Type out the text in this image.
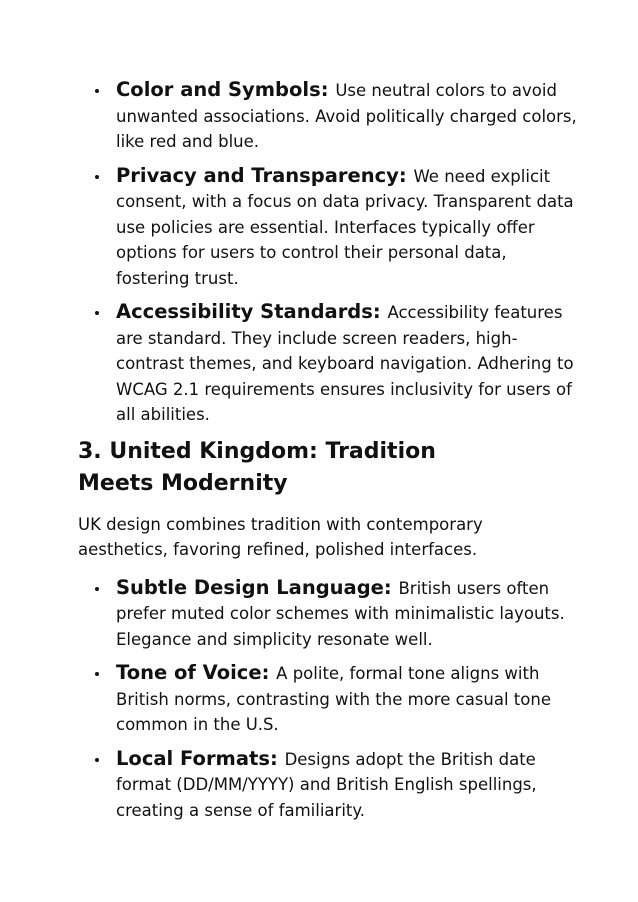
Color and Symbols: Use neutral colors to avoid unwanted associations. Avoid politically charged colors, like red and blue.
Privacy and Transparency: We need explicit consent, with a focus on data privacy. Transparent data use policies are essential. Interfaces typically offer options for users to control their personal data, fostering trust.
Accessibility Standards: Accessibility features are standard. They include screen readers, high-contrast themes, and keyboard navigation. Adhering to WCAG 2.1 requirements ensures inclusivity for users of all abilities.
3. United Kingdom: Tradition Meets Modernity

UK design combines tradition with contemporary aesthetics, favoring refined, polished interfaces.

Subtle Design Language: British users often prefer muted color schemes with minimalistic layouts. Elegance and simplicity resonate well.
Tone of Voice: A polite, formal tone aligns with British norms, contrasting with the more casual tone common in the U.S.
Local Formats: Designs adopt the British date format (DD/MM/YYYY) and British English spellings, creating a sense of familiarity.
